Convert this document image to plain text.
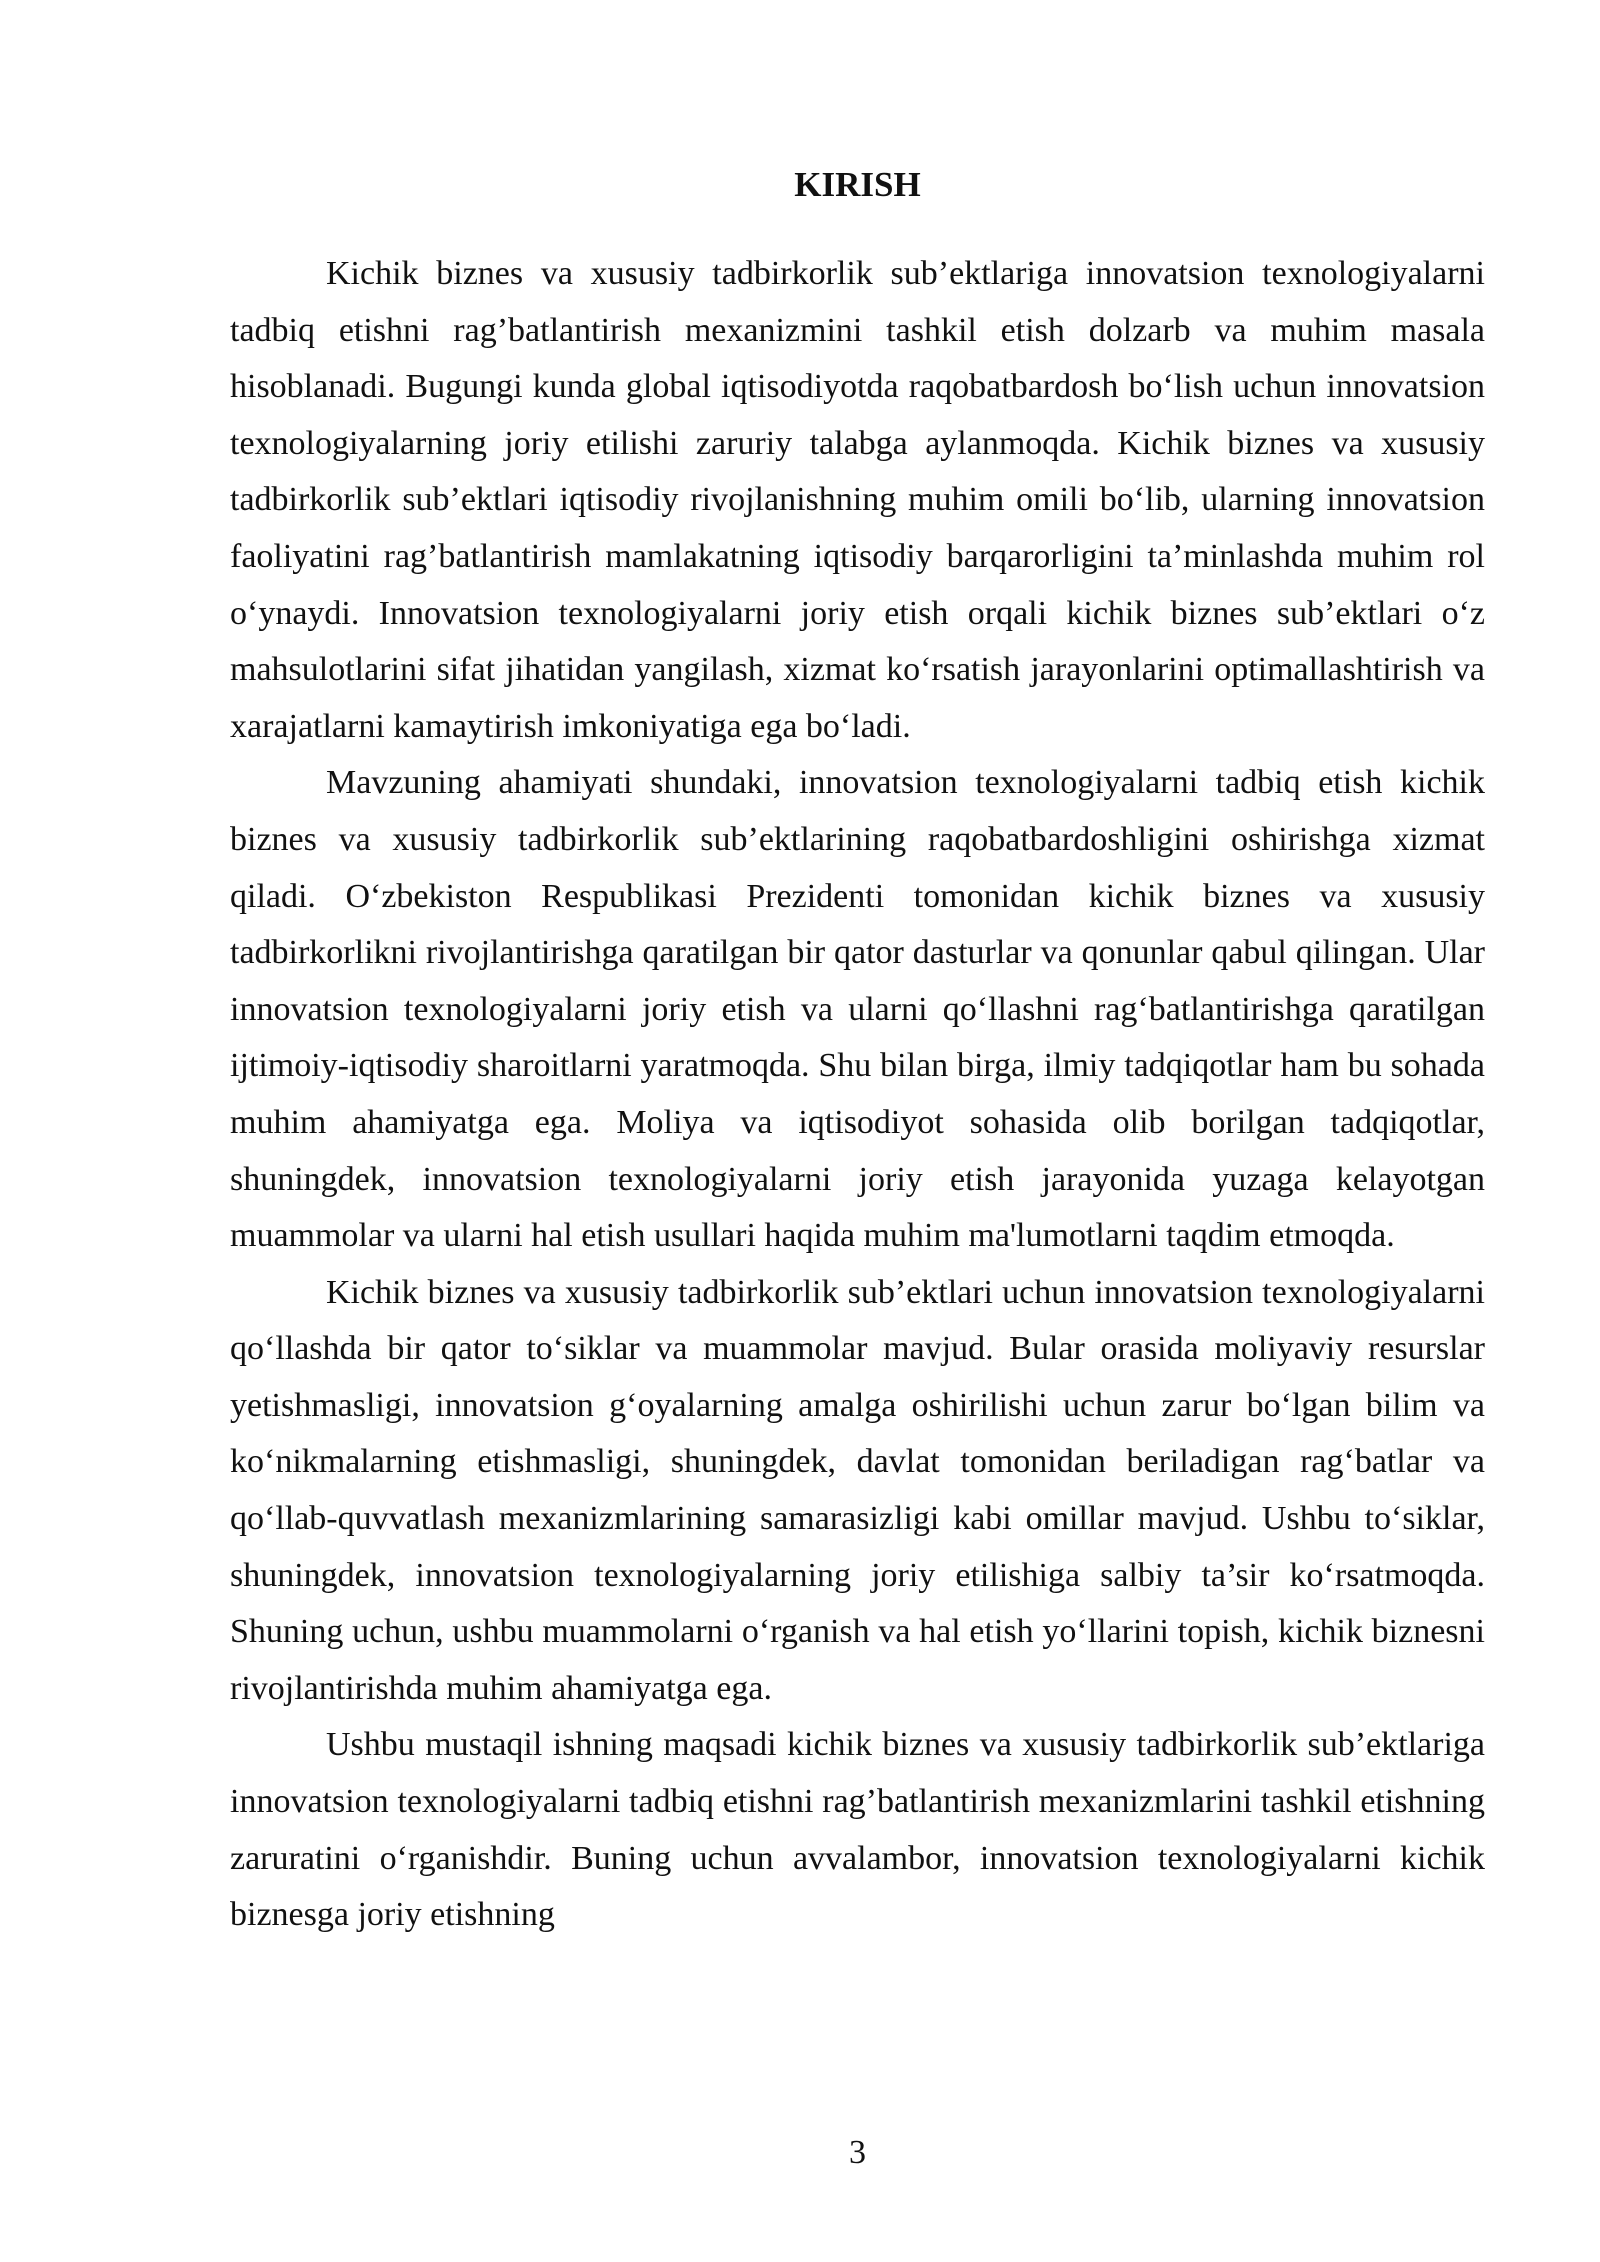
KIRISH

Kichik biznes va xususiy tadbirkorlik sub’ektlariga innovatsion texnologiyalarni tadbiq etishni rag’batlantirish mexanizmini tashkil etish dolzarb va muhim masala hisoblanadi. Bugungi kunda global iqtisodiyotda raqobatbardosh bo‘lish uchun innovatsion texnologiyalarning joriy etilishi zaruriy talabga aylanmoqda. Kichik biznes va xususiy tadbirkorlik sub’ektlari iqtisodiy rivojlanishning muhim omili bo‘lib, ularning innovatsion faoliyatini rag’batlantirish mamlakatning iqtisodiy barqarorligini ta’minlashda muhim rol o‘ynaydi. Innovatsion texnologiyalarni joriy etish orqali kichik biznes sub’ektlari o‘z mahsulotlarini sifat jihatidan yangilash, xizmat ko‘rsatish jarayonlarini optimallashtirish va xarajatlarni kamaytirish imkoniyatiga ega bo‘ladi.

Mavzuning ahamiyati shundaki, innovatsion texnologiyalarni tadbiq etish kichik biznes va xususiy tadbirkorlik sub’ektlarining raqobatbardoshligini oshirishga xizmat qiladi. O‘zbekiston Respublikasi Prezidenti tomonidan kichik biznes va xususiy tadbirkorlikni rivojlantirishga qaratilgan bir qator dasturlar va qonunlar qabul qilingan. Ular innovatsion texnologiyalarni joriy etish va ularni qo‘llashni rag‘batlantirishga qaratilgan ijtimoiy-iqtisodiy sharoitlarni yaratmoqda. Shu bilan birga, ilmiy tadqiqotlar ham bu sohada muhim ahamiyatga ega. Moliya va iqtisodiyot sohasida olib borilgan tadqiqotlar, shuningdek, innovatsion texnologiyalarni joriy etish jarayonida yuzaga kelayotgan muammolar va ularni hal etish usullari haqida muhim ma'lumotlarni taqdim etmoqda.

Kichik biznes va xususiy tadbirkorlik sub’ektlari uchun innovatsion texnologiyalarni qo‘llashda bir qator to‘siklar va muammolar mavjud. Bular orasida moliyaviy resurslar yetishmasligi, innovatsion g‘oyalarning amalga oshirilishi uchun zarur bo‘lgan bilim va ko‘nikmalarning etishmasligi, shuningdek, davlat tomonidan beriladigan rag‘batlar va qo‘llab-quvvatlash mexanizmlarining samarasizligi kabi omillar mavjud. Ushbu to‘siklar, shuningdek, innovatsion texnologiyalarning joriy etilishiga salbiy ta’sir ko‘rsatmoqda. Shuning uchun, ushbu muammolarni o‘rganish va hal etish yo‘llarini topish, kichik biznesni rivojlantirishda muhim ahamiyatga ega.

Ushbu mustaqil ishning maqsadi kichik biznes va xususiy tadbirkorlik sub’ektlariga innovatsion texnologiyalarni tadbiq etishni rag’batlantirish mexanizmlarini tashkil etishning zaruratini o‘rganishdir. Buning uchun avvalambor, innovatsion texnologiyalarni kichik biznesga joriy etishning

3
